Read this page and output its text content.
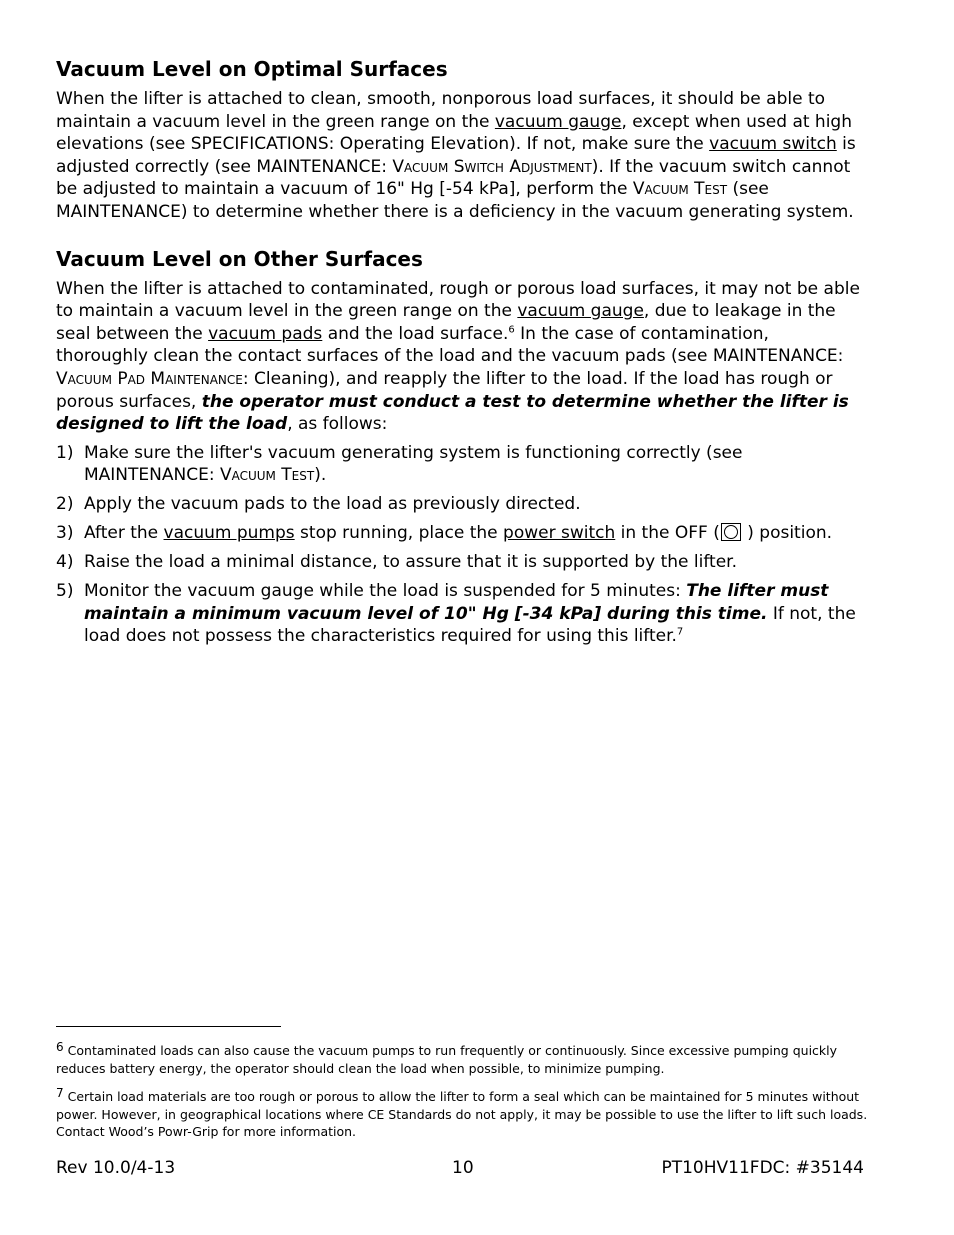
Vacuum Level on Optimal Surfaces

When the lifter is attached to clean, smooth, nonporous load surfaces, it should be able to maintain a vacuum level in the green range on the vacuum gauge, except when used at high elevations (see SPECIFICATIONS: Operating Elevation). If not, make sure the vacuum switch is adjusted correctly (see MAINTENANCE: Vacuum Switch Adjustment). If the vacuum switch cannot be adjusted to maintain a vacuum of 16" Hg [-54 kPa], perform the Vacuum Test (see MAINTENANCE) to determine whether there is a deficiency in the vacuum generating system.

Vacuum Level on Other Surfaces

When the lifter is attached to contaminated, rough or porous load surfaces, it may not be able to maintain a vacuum level in the green range on the vacuum gauge, due to leakage in the seal between the vacuum pads and the load surface.$^6$ In the case of contamination, thoroughly clean the contact surfaces of the load and the vacuum pads (see MAINTENANCE: Vacuum Pad Maintenance: Cleaning), and reapply the lifter to the load. If the load has rough or porous surfaces, the operator must conduct a test to determine whether the lifter is designed to lift the load, as follows:

1) Make sure the lifter's vacuum generating system is functioning correctly (see MAINTENANCE: Vacuum Test).
2) Apply the vacuum pads to the load as previously directed.
3) After the vacuum pumps stop running, place the power switch in the OFF ( ) position.
4) Raise the load a minimal distance, to assure that it is supported by the lifter.
5) Monitor the vacuum gauge while the load is suspended for 5 minutes: The lifter must maintain a minimum vacuum level of 10" Hg [-34 kPa] during this time. If not, the load does not possess the characteristics required for using this lifter.$^7$
$^6$ Contaminated loads can also cause the vacuum pumps to run frequently or continuously. Since excessive pumping quickly reduces battery energy, the operator should clean the load when possible, to minimize pumping.
$^7$ Certain load materials are too rough or porous to allow the lifter to form a seal which can be maintained for 5 minutes without power. However, in geographical locations where CE Standards do not apply, it may be possible to use the lifter to lift such loads. Contact Wood’s Powr-Grip for more information.
Rev 10.0/4-13	10	PT10HV11FDC: #35144
